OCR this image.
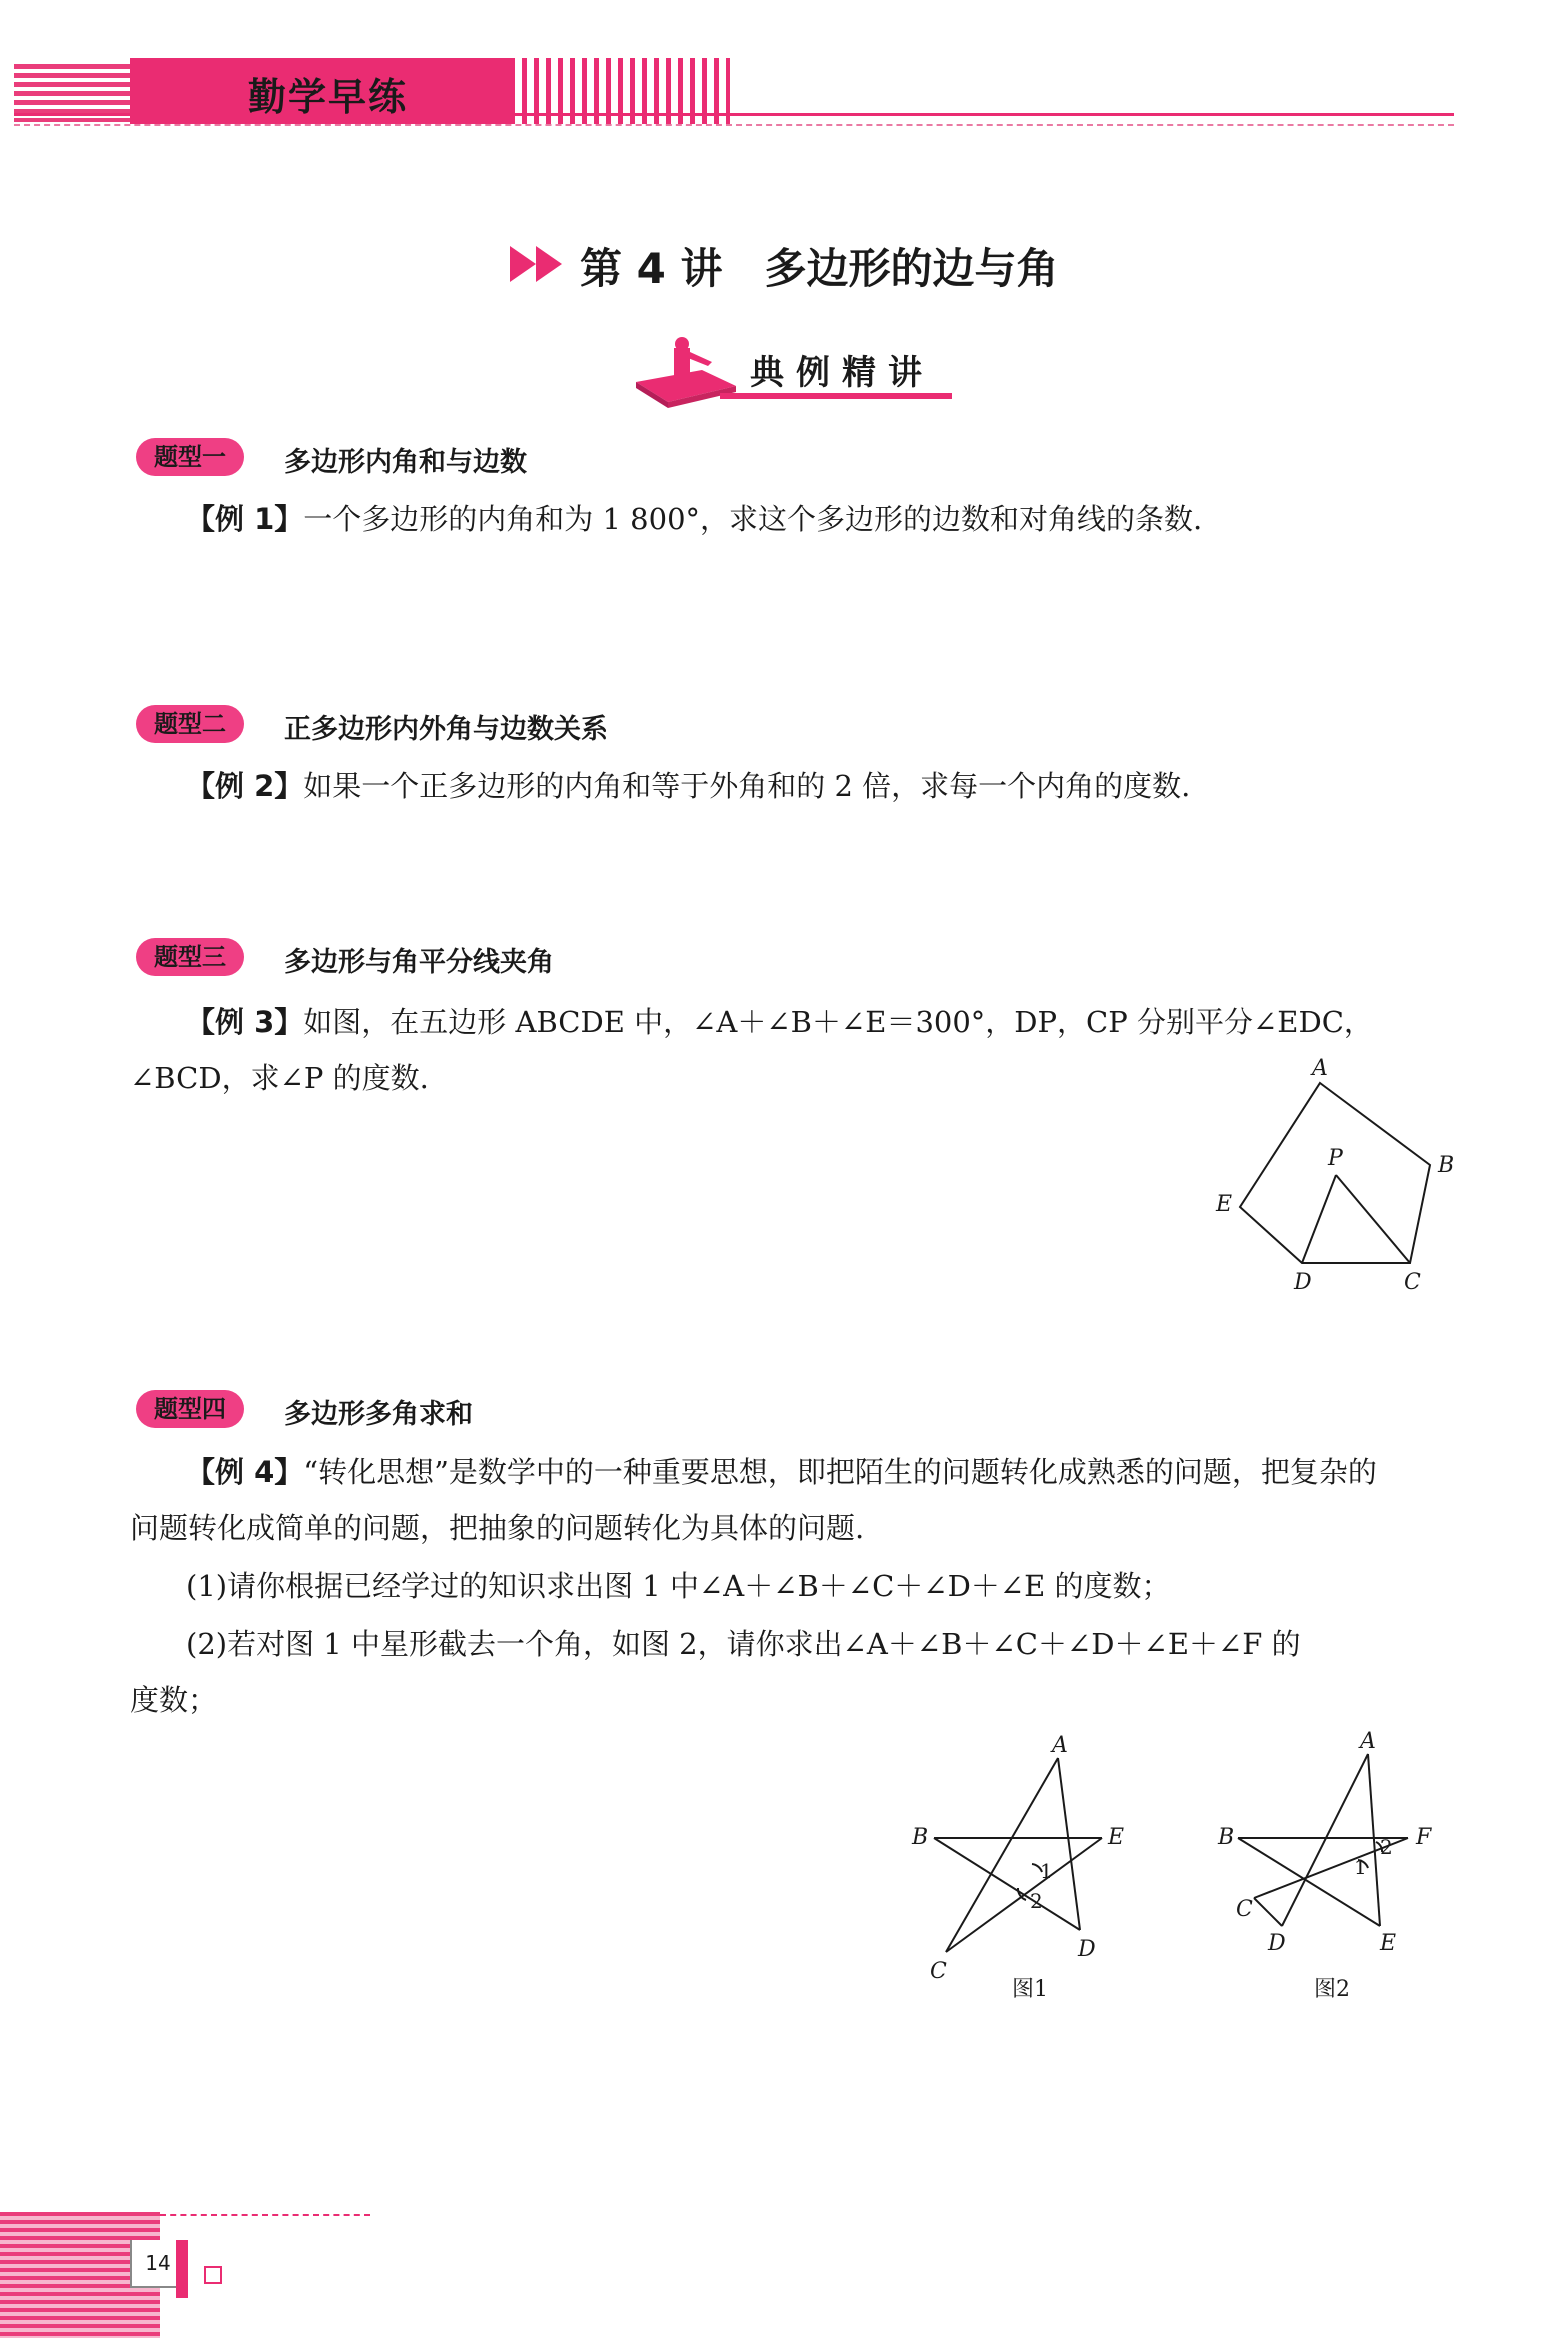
勤学早练
第 4 讲　多边形的边与角
典例精讲
题型一	多边形内角和与边数
【例 1】一个多边形的内角和为 1 800°，求这个多边形的边数和对角线的条数.
题型二	正多边形内外角与边数关系
【例 2】如果一个正多边形的内角和等于外角和的 2 倍，求每一个内角的度数.
题型三	多边形与角平分线夹角
【例 3】如图，在五边形 ABCDE 中，∠A＋∠B＋∠E＝300°，DP，CP 分别平分∠EDC，
∠BCD，求∠P 的度数.	A
B
C
D
E
P
题型四	多边形多角求和
【例 4】“转化思想”是数学中的一种重要思想，即把陌生的问题转化成熟悉的问题，把复杂的
问题转化成简单的问题，把抽象的问题转化为具体的问题.
(1)请你根据已经学过的知识求出图 1 中∠A＋∠B＋∠C＋∠D＋∠E 的度数；
(2)若对图 1 中星形截去一个角，如图 2，请你求出∠A＋∠B＋∠C＋∠D＋∠E＋∠F 的
度数；
A
B
C
D
E
1
2
图1
A
B
C
D	E
F
1
2
图2
14
